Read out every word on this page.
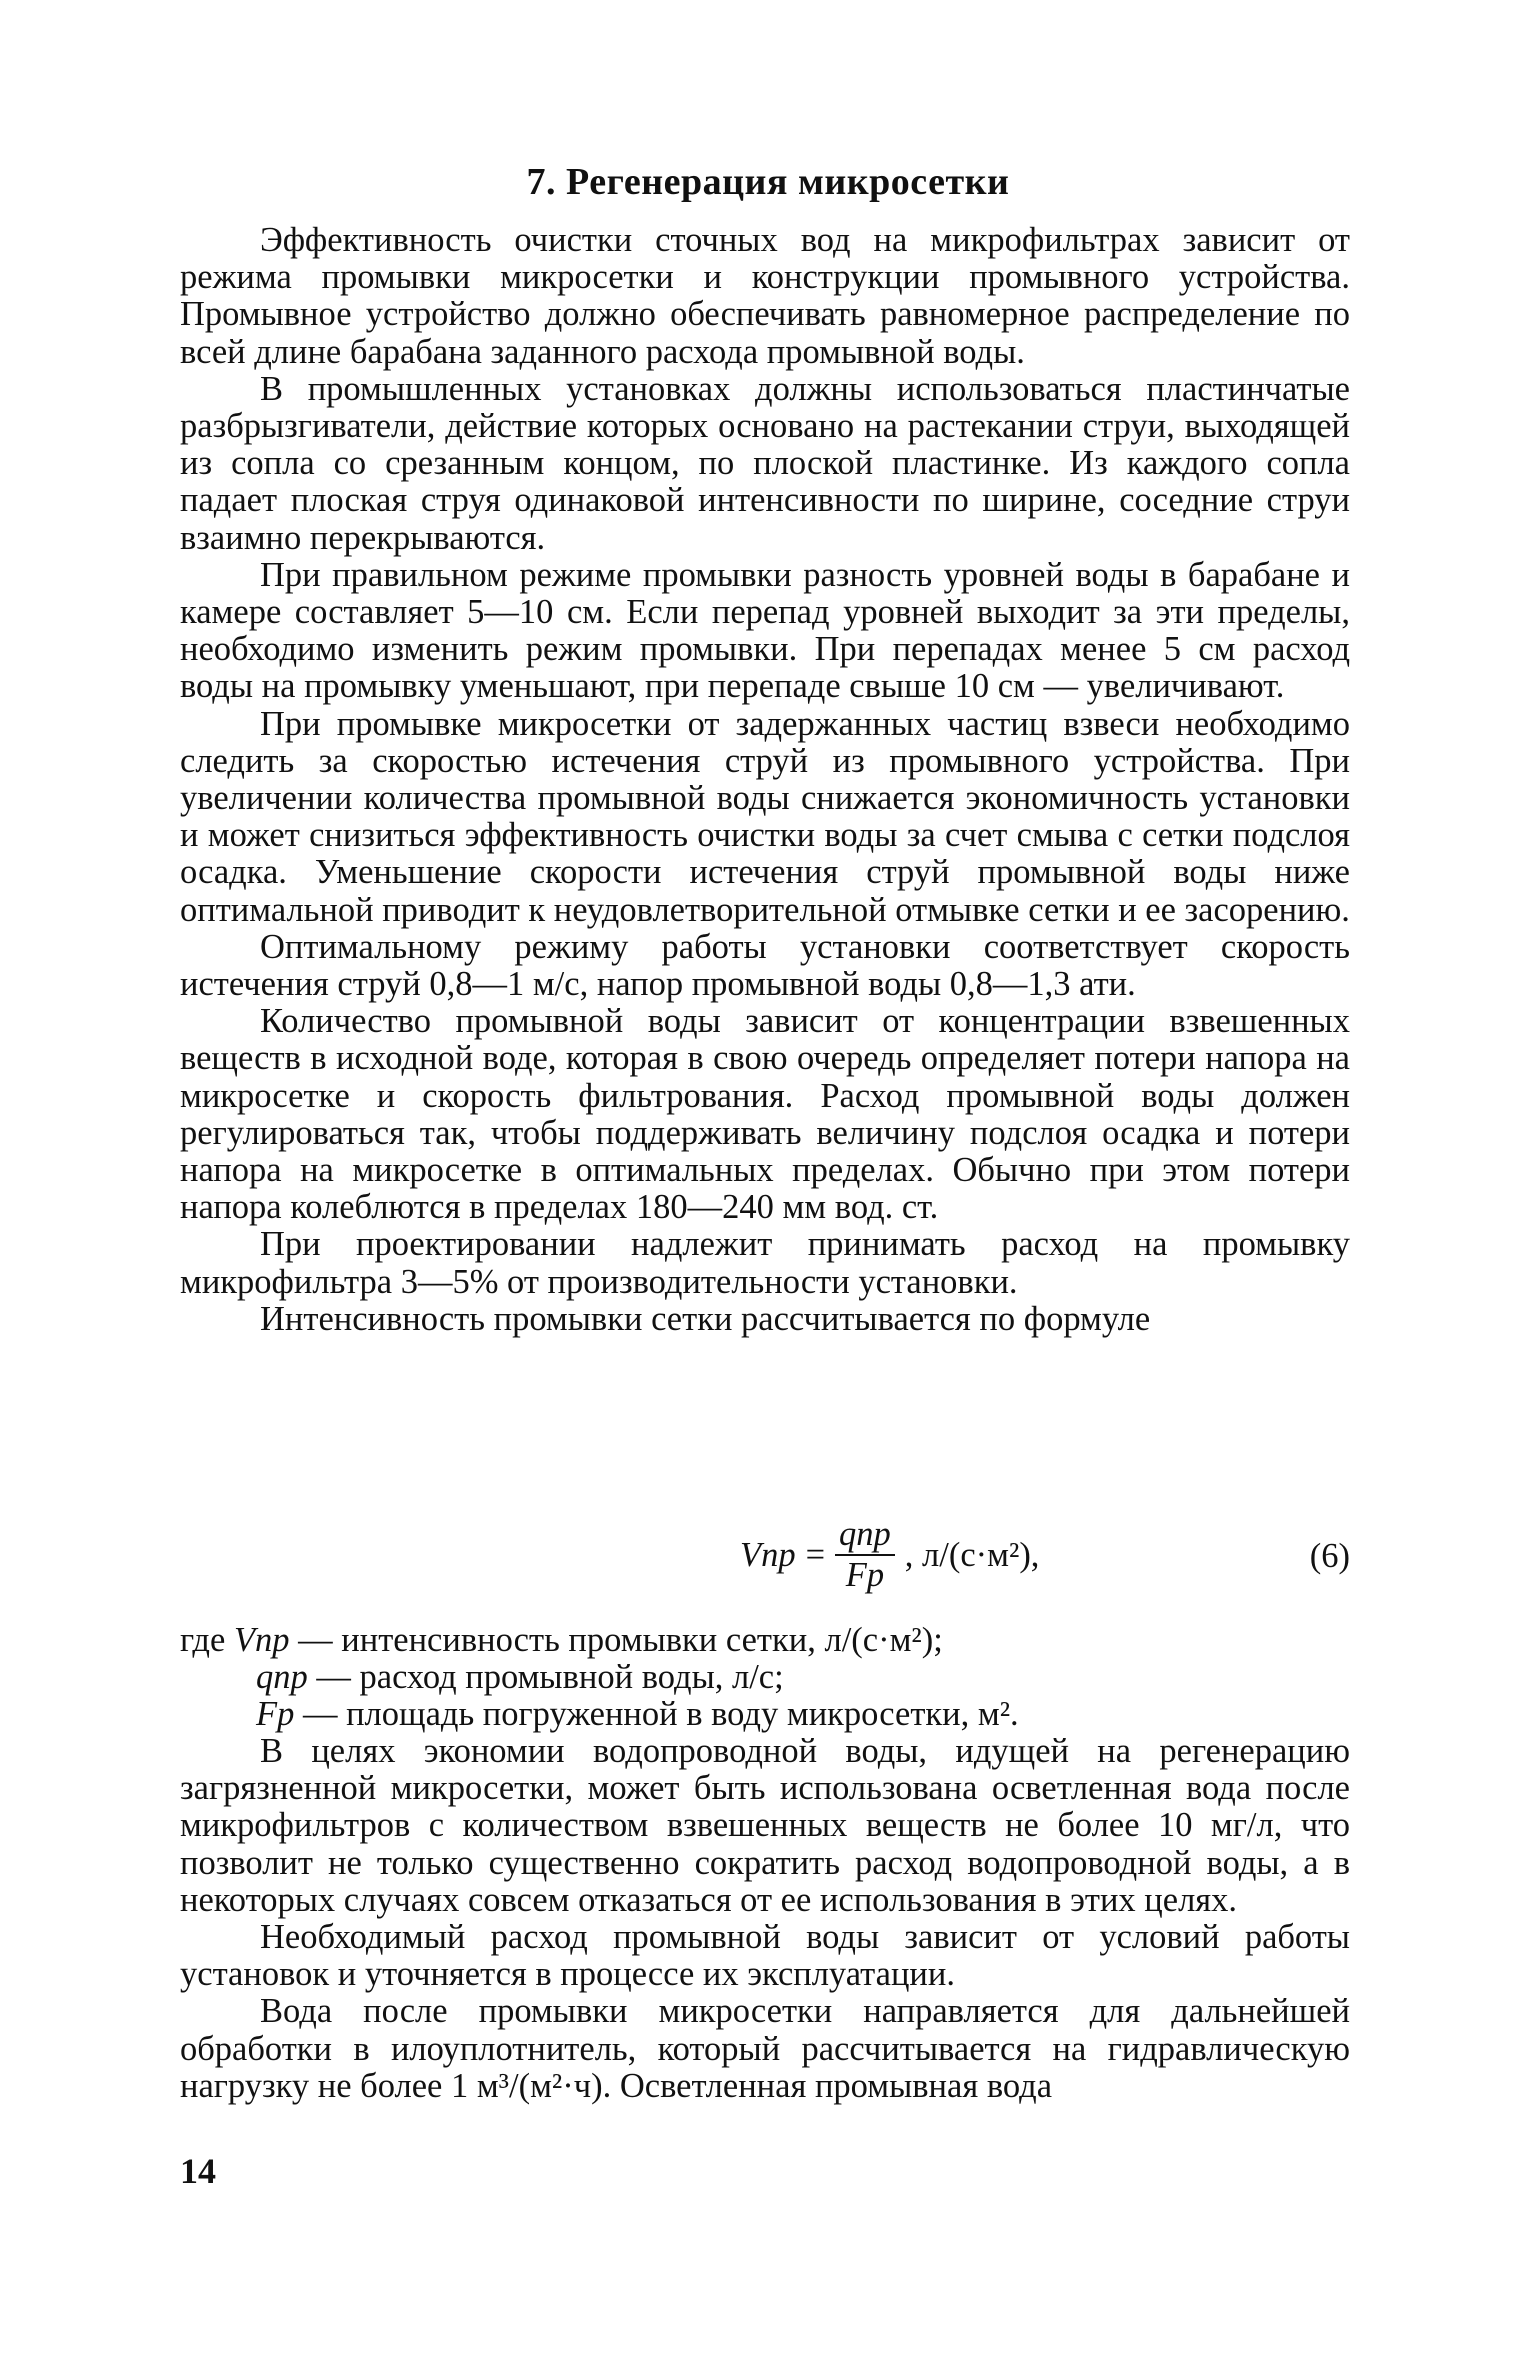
7. Регенерация микросетки

Эффективность очистки сточных вод на микрофильтрах зависит от режима промывки микросетки и конструкции промывного устройства. Промывное устройство должно обеспечивать равномерное распределение по всей длине барабана заданного расхода промывной воды.

В промышленных установках должны использоваться пластинчатые разбрызгиватели, действие которых основано на растекании струи, выходящей из сопла со срезанным концом, по плоской пластинке. Из каждого сопла падает плоская струя одинаковой интенсивности по ширине, соседние струи взаимно перекрываются.

При правильном режиме промывки разность уровней воды в барабане и камере составляет 5—10 см. Если перепад уровней выходит за эти пределы, необходимо изменить режим промывки. При перепадах менее 5 см расход воды на промывку уменьшают, при перепаде свыше 10 см — увеличивают.

При промывке микросетки от задержанных частиц взвеси необходимо следить за скоростью истечения струй из промывного устройства. При увеличении количества промывной воды снижается экономичность установки и может снизиться эффективность очистки воды за счет смыва с сетки подслоя осадка. Уменьшение скорости истечения струй промывной воды ниже оптимальной приводит к неудовлетворительной отмывке сетки и ее засорению.

Оптимальному режиму работы установки соответствует скорость истечения струй 0,8—1 м/с, напор промывной воды 0,8—1,3 ати.

Количество промывной воды зависит от концентрации взвешенных веществ в исходной воде, которая в свою очередь определяет потери напора на микросетке и скорость фильтрования. Расход промывной воды должен регулироваться так, чтобы поддерживать величину подслоя осадка и потери напора на микросетке в оптимальных пределах. Обычно при этом потери напора колеблются в пределах 180—240 мм вод. ст.

При проектировании надлежит принимать расход на промывку микрофильтра 3—5% от производительности установки.

Интенсивность промывки сетки рассчитывается по формуле

Vпр = $\frac{\text{qпр}}{Fр}$ , л/(с·м²),	(6)
где Vпр — интенсивность промывки сетки, л/(с·м²);
qпр — расход промывной воды, л/с;
Fр — площадь погруженной в воду микросетки, м².

В целях экономии водопроводной воды, идущей на регенерацию загрязненной микросетки, может быть использована осветленная вода после микрофильтров с количеством взвешенных веществ не более 10 мг/л, что позволит не только существенно сократить расход водопроводной воды, а в некоторых случаях совсем отказаться от ее использования в этих целях.

Необходимый расход промывной воды зависит от условий работы установок и уточняется в процессе их эксплуатации.

Вода после промывки микросетки направляется для дальнейшей обработки в илоуплотнитель, который рассчитывается на гидравлическую нагрузку не более 1 м³/(м²·ч). Осветленная промывная вода

14
